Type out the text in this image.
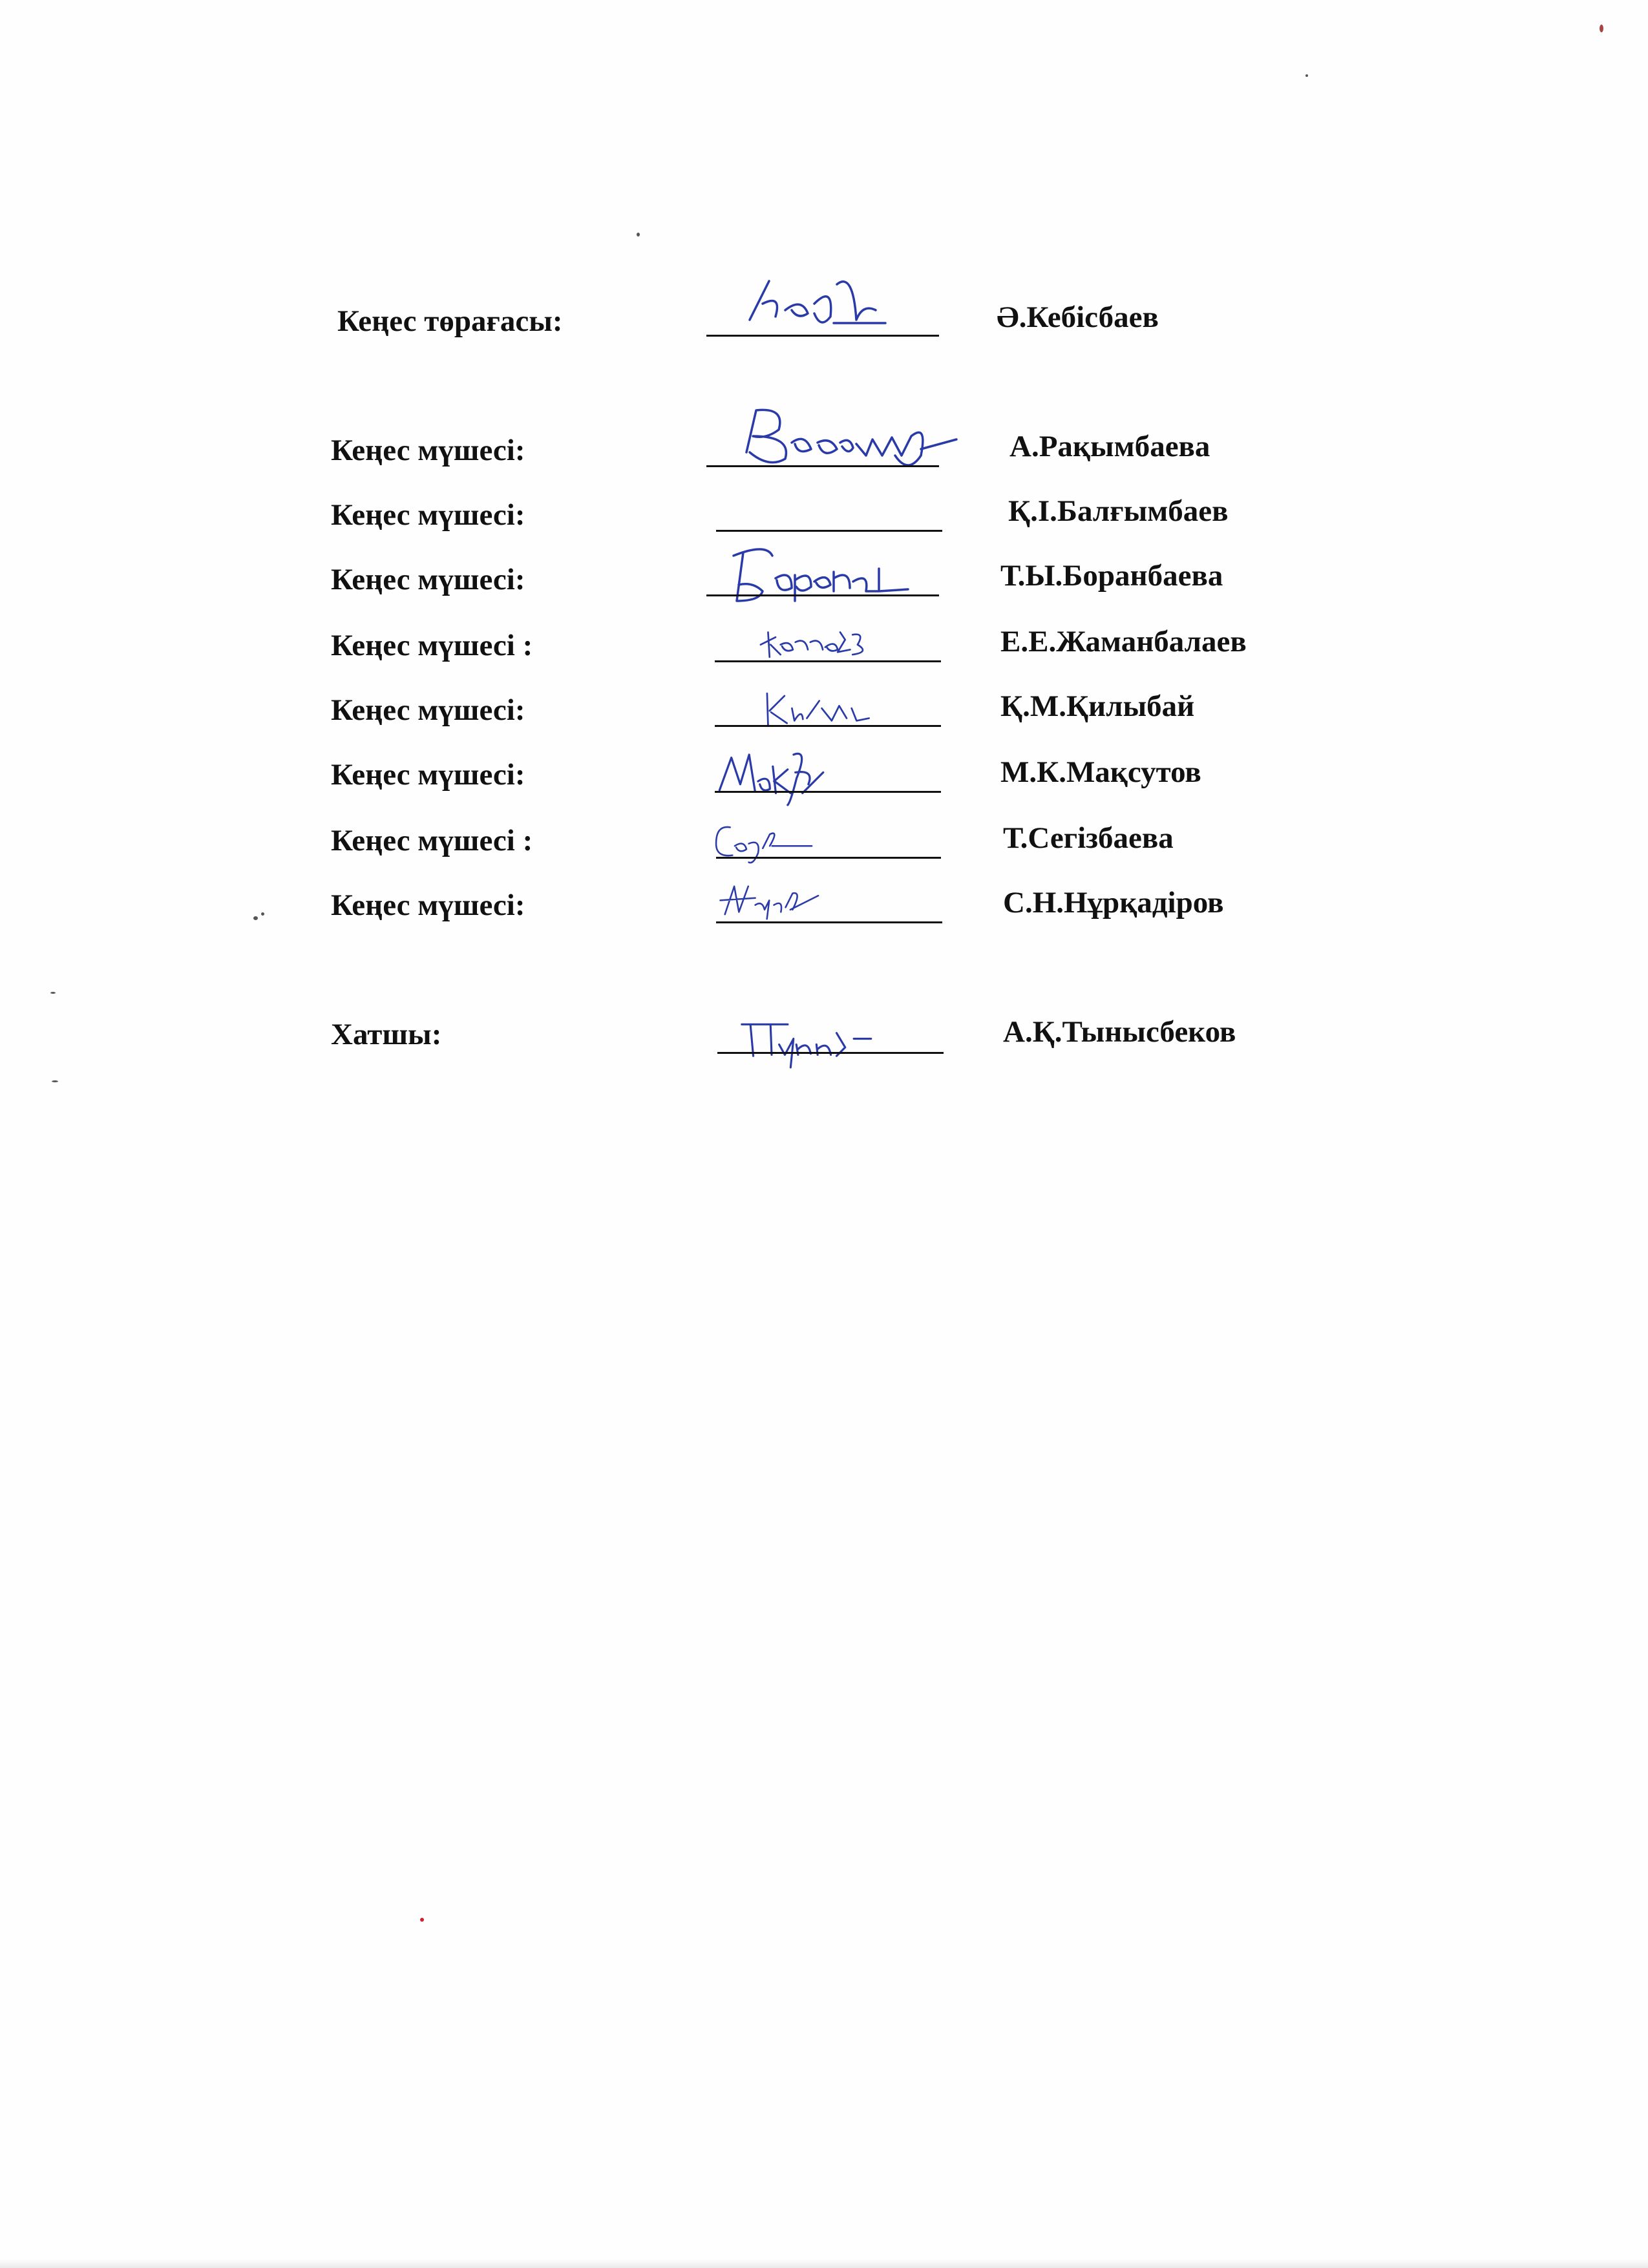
Кеңес төрағасы:	Ә.Кебісбаев
Кеңес мүшесі:	А.Рақымбаева
Кеңес мүшесі:	Қ.І.Балғымбаев
Кеңес мүшесі:	Т.Ы.Боранбаева
Кеңес мүшесі :	Е.Е.Жаманбалаев
Кеңес мүшесі:	Қ.М.Қилыбай
Кеңес мүшесі:	М.К.Мақсутов
Кеңес мүшесі :	Т.Сегізбаева
Кеңес мүшесі:	С.Н.Нұрқадіров
Хатшы:	А.Қ.Тынысбеков
